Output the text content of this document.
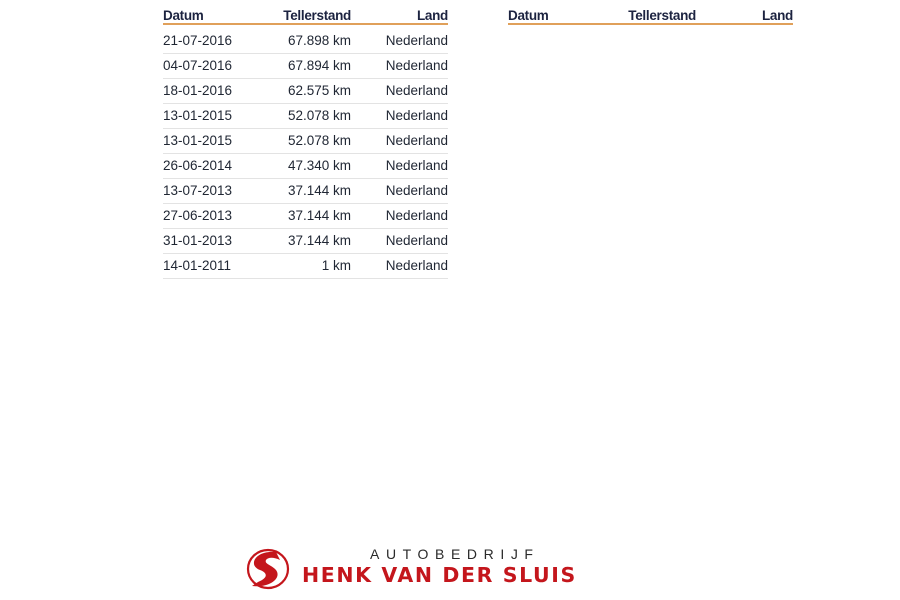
Datum	Tellerstand	Land
21-07-2016	67.898 km	Nederland
04-07-2016	67.894 km	Nederland
18-01-2016	62.575 km	Nederland
13-01-2015	52.078 km	Nederland
13-01-2015	52.078 km	Nederland
26-06-2014	47.340 km	Nederland
13-07-2013	37.144 km	Nederland
27-06-2013	37.144 km	Nederland
31-01-2013	37.144 km	Nederland
14-01-2011	1 km	Nederland
Datum	Tellerstand	Land
AUTOBEDRIJF
HENK VAN DER SLUIS
